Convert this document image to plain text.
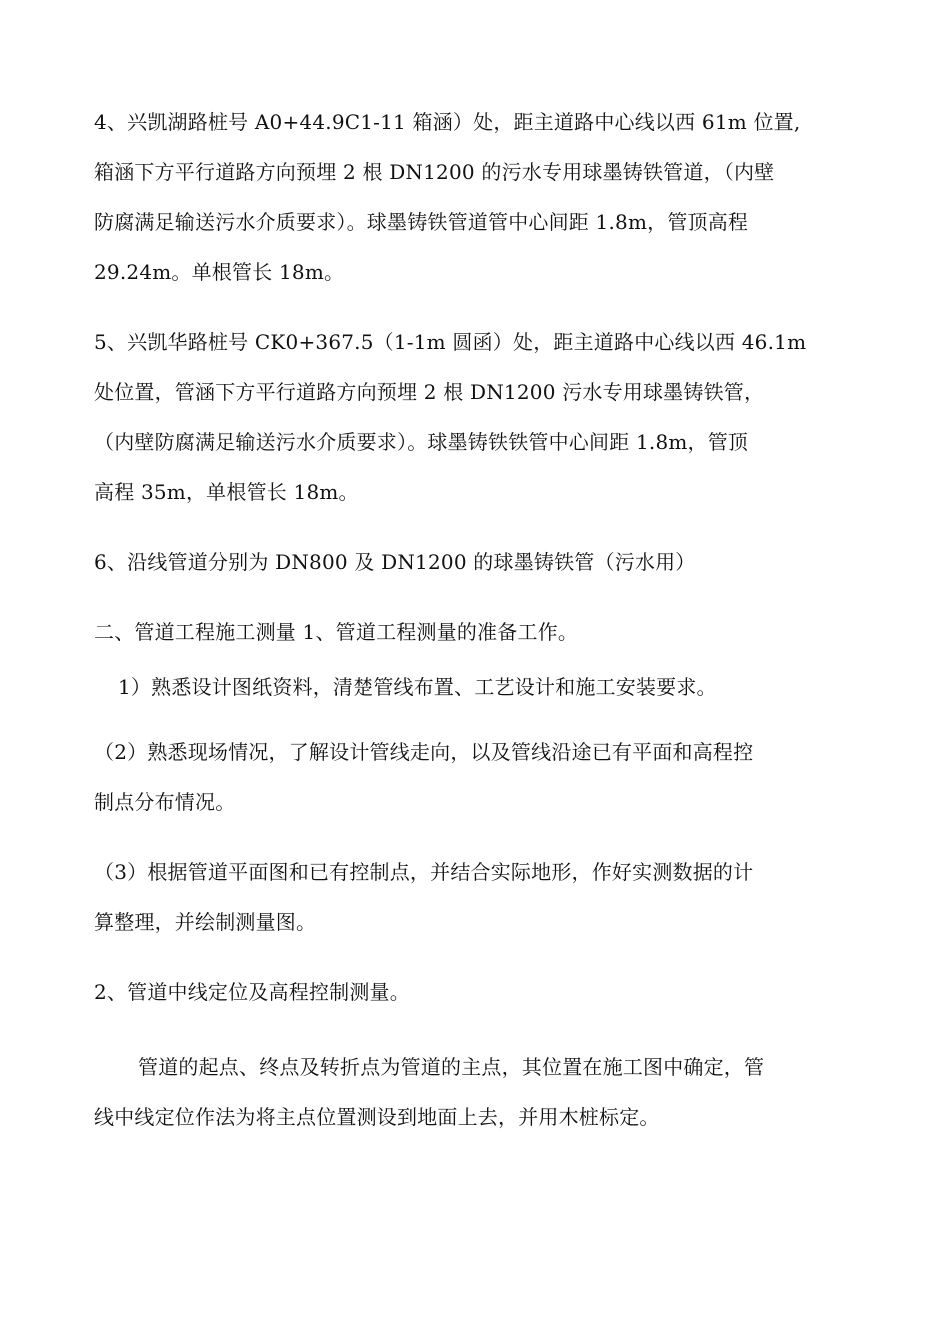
4、兴凯湖路桩号 A0+44.9C1-11 箱涵）处，距主道路中心线以西 61m 位置,
箱涵下方平行道路方向预埋 2 根 DN1200 的污水专用球墨铸铁管道，（内壁
防腐满足输送污水介质要求）。球墨铸铁管道管中心间距 1.8m，管顶高程
29.24m。单根管长 18m。
5、兴凯华路桩号 CK0+367.5（1-1m 圆函）处，距主道路中心线以西 46.1m
处位置，管涵下方平行道路方向预埋 2 根 DN1200 污水专用球墨铸铁管，
（内壁防腐满足输送污水介质要求）。球墨铸铁铁管中心间距 1.8m，管顶
高程 35m，单根管长 18m。
6、沿线管道分别为 DN800 及 DN1200 的球墨铸铁管（污水用）
二、管道工程施工测量 1、管道工程测量的准备工作。
1）熟悉设计图纸资料，清楚管线布置、工艺设计和施工安装要求。
（2）熟悉现场情况，了解设计管线走向，以及管线沿途已有平面和高程控
制点分布情况。
（3）根据管道平面图和已有控制点，并结合实际地形，作好实测数据的计
算整理，并绘制测量图。
2、管道中线定位及高程控制测量。
管道的起点、终点及转折点为管道的主点，其位置在施工图中确定，管
线中线定位作法为将主点位置测设到地面上去，并用木桩标定。
